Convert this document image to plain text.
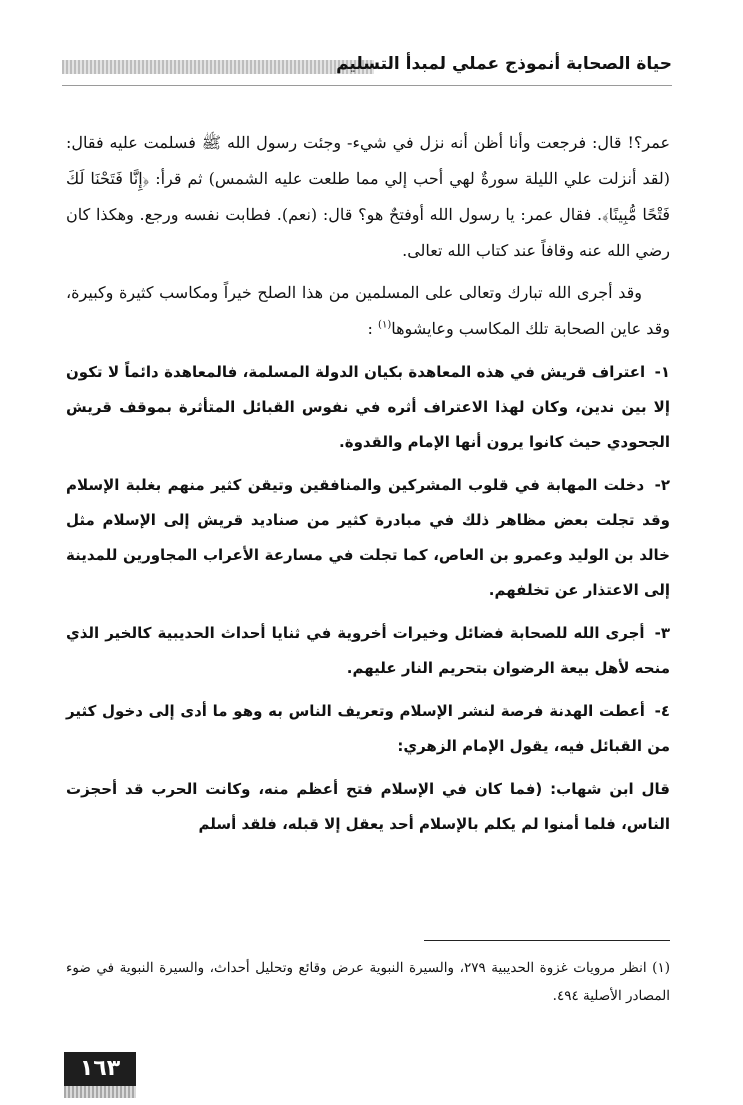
حياة الصحابة أنموذج عملي لمبدأ التسليم

عمر؟! قال: فرجعت وأنا أظن أنه نزل في شيء- وجئت رسول الله ﷺ فسلمت عليه فقال: (لقد أنزلت علي الليلة سورةٌ لهي أحب إلي مما طلعت عليه الشمس) ثم قرأ: ﴿إِنَّا فَتَحْنَا لَكَ فَتْحًا مُّبِينًا﴾. فقال عمر: يا رسول الله أوفتحٌ هو؟ قال: (نعم). فطابت نفسه ورجع. وهكذا كان رضي الله عنه وقافاً عند كتاب الله تعالى.

وقد أجرى الله تبارك وتعالى على المسلمين من هذا الصلح خيراً ومكاسب كثيرة وكبيرة، وقد عاين الصحابة تلك المكاسب وعايشوها$^{(١)}$ :

١- اعتراف قريش في هذه المعاهدة بكيان الدولة المسلمة، فالمعاهدة دائماً لا تكون إلا بين ندين، وكان لهذا الاعتراف أثره في نفوس القبائل المتأثرة بموقف قريش الجحودي حيث كانوا يرون أنها الإمام والقدوة.

٢- دخلت المهابة في قلوب المشركين والمنافقين وتيقن كثير منهم بغلبة الإسلام وقد تجلت بعض مظاهر ذلك في مبادرة كثير من صناديد قريش إلى الإسلام مثل خالد بن الوليد وعمرو بن العاص، كما تجلت في مسارعة الأعراب المجاورين للمدينة إلى الاعتذار عن تخلفهم.

٣- أجرى الله للصحابة فضائل وخيرات أخروية في ثنايا أحداث الحديبية كالخير الذي منحه لأهل بيعة الرضوان بتحريم النار عليهم.

٤- أعطت الهدنة فرصة لنشر الإسلام وتعريف الناس به وهو ما أدى إلى دخول كثير من القبائل فيه، يقول الإمام الزهري:

قال ابن شهاب: (فما كان في الإسلام فتح أعظم منه، وكانت الحرب قد أحجزت الناس، فلما أمنوا لم يكلم بالإسلام أحد يعقل إلا قبله، فلقد أسلم

(١) انظر مرويات غزوة الحديبية ٢٧٩، والسيرة النبوية عرض وقائع وتحليل أحداث، والسيرة النبوية في ضوء المصادر الأصلية ٤٩٤.
١٦٣
